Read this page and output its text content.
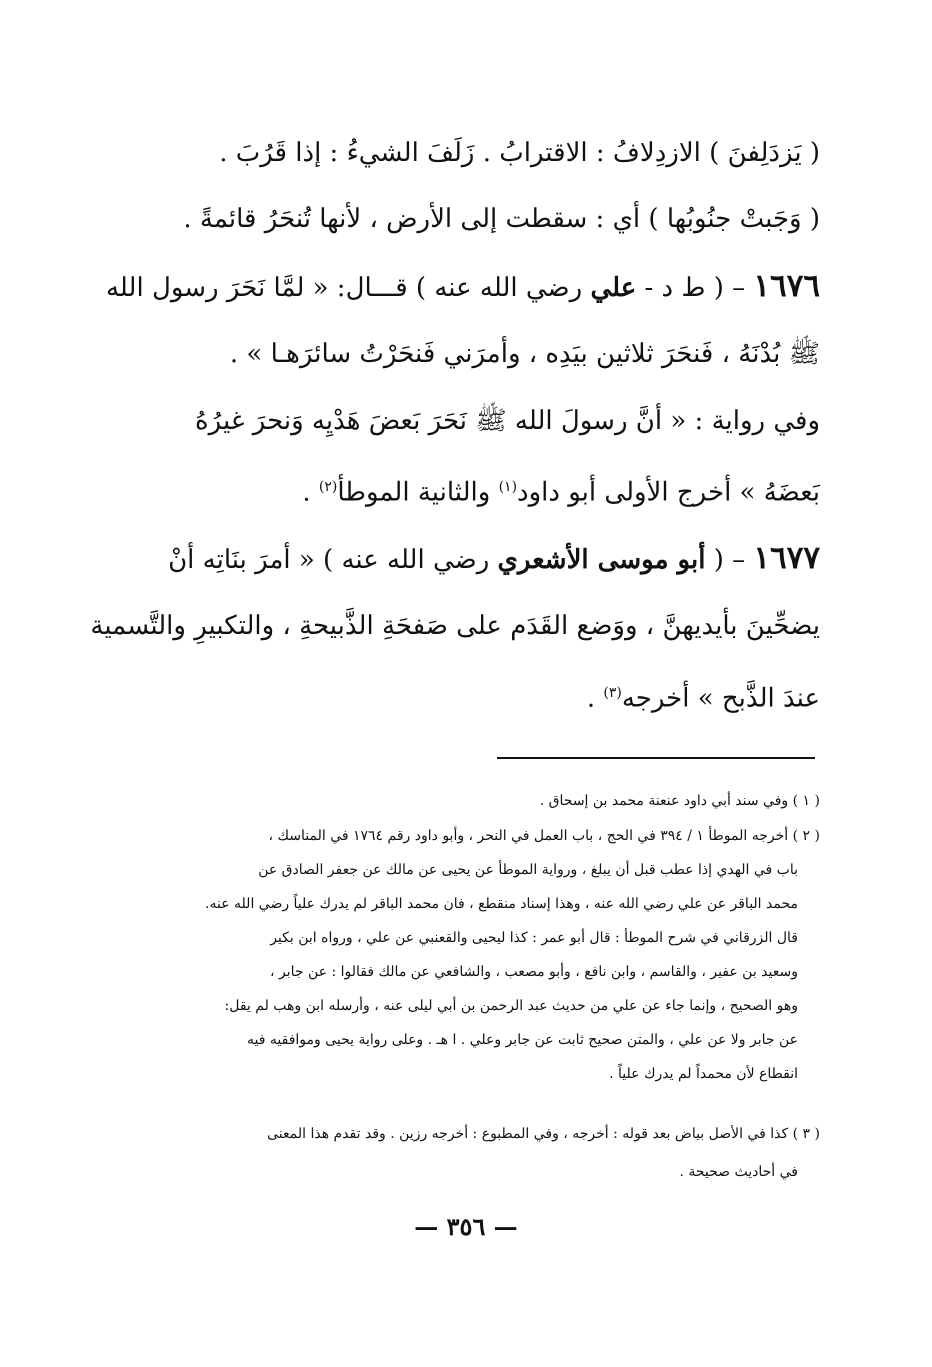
( يَزدَلِفنَ ) الازدِلافُ : الاقترابُ . زَلَفَ الشيءُ : إذا قَرُبَ .

( وَجَبتْ جنُوبُها ) أي : سقطت إلى الأرض ، لأنها تُنحَرُ قائمةً .

١٦٧٦ – ( ط د - علي رضي الله عنه ) قـــال: « لمَّا نَحَرَ رسول الله

ﷺ بُدْنَهُ ، فَنحَرَ ثلاثين بيَدِه ، وأمرَني فَنحَرْتُ سائرَهـا » .

وفي رواية : « أنَّ رسولَ الله ﷺ نَحَرَ بَعضَ هَدْيِه وَنحرَ غيرُهُ

بَعضَهُ » أخرج الأولى أبو داود$^{(١)}$ والثانية الموطأ$^{(٢)}$ .

١٦٧٧ – ( أبو موسى الأشعري رضي الله عنه ) « أمرَ بنَاتِه أنْ

يضحِّينَ بأيديهنَّ ، ووَضع القَدَم على صَفحَةِ الذَّبيحةِ ، والتكبيرِ والتَّسمية

عندَ الذَّبح » أخرجه$^{(٣)}$ .

( ١ ) وفي سند أبي داود عنعنة محمد بن إسحاق .
( ٢ ) أخرجه الموطأ ١ / ٣٩٤ في الحج ، باب العمل في النحر ، وأبو داود رقم ١٧٦٤ في المناسك ،
باب في الهدي إذا عطب قبل أن يبلغ ، ورواية الموطأ عن يحيى عن مالك عن جعفر الصادق عن
محمد الباقر عن علي رضي الله عنه ، وهذا إسناد منقطع ، فان محمد الباقر لم يدرك علياً رضي الله عنه.
قال الزرقاني في شرح الموطأ : قال أبو عمر : كذا ليحيى والقعنبي عن علي ، ورواه ابن بكير
وسعيد بن عفير ، والقاسم ، وابن نافع ، وأبو مصعب ، والشافعي عن مالك فقالوا : عن جابر ،
وهو الصحيح ، وإنما جاء عن علي من حديث عبد الرحمن بن أبي ليلى عنه ، وأرسله ابن وهب لم يقل:
عن جابر ولا عن علي ، والمتن صحيح ثابت عن جابر وعلي . ا هـ . وعلى رواية يحيى وموافقيه فيه
انقطاع لأن محمداً لم يدرك علياً .
( ٣ ) كذا في الأصل بياض بعد قوله : أخرجه ، وفي المطبوع : أخرجه رزين . وقد تقدم هذا المعنى
في أحاديث صحيحة .
— ٣٥٦ —
